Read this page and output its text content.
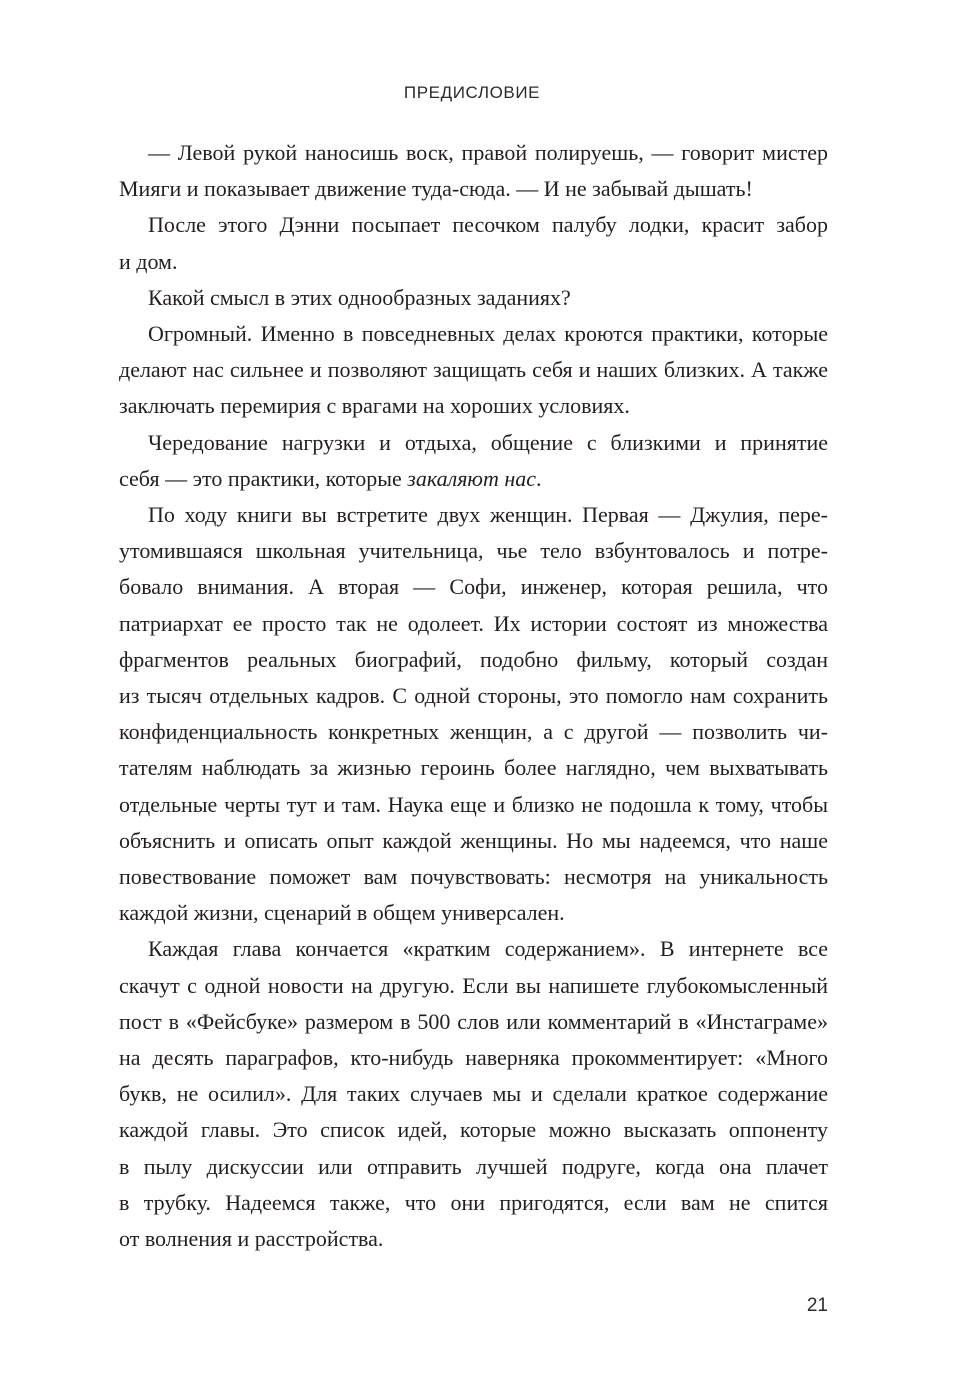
ПРЕДИСЛОВИЕ
— Левой рукой наносишь воск, правой полируешь, — говорит мистер
Мияги и показывает движение туда-сюда. — И не забывай дышать!
После этого Дэнни посыпает песочком палубу лодки, красит забор
и дом.
Какой смысл в этих однообразных заданиях?
Огромный. Именно в повседневных делах кроются практики, которые
делают нас сильнее и позволяют защищать себя и наших близких. А также
заключать перемирия с врагами на хороших условиях.
Чередование нагрузки и отдыха, общение с близкими и принятие
себя — это практики, которые закаляют нас.
По ходу книги вы встретите двух женщин. Первая — Джулия, пере-
утомившаяся школьная учительница, чье тело взбунтовалось и потре-
бовало внимания. А вторая — Софи, инженер, которая решила, что
патриархат ее просто так не одолеет. Их истории состоят из множества
фрагментов реальных биографий, подобно фильму, который создан
из тысяч отдельных кадров. С одной стороны, это помогло нам сохранить
конфиденциальность конкретных женщин, а с другой — позволить чи-
тателям наблюдать за жизнью героинь более наглядно, чем выхватывать
отдельные черты тут и там. Наука еще и близко не подошла к тому, чтобы
объяснить и описать опыт каждой женщины. Но мы надеемся, что наше
повествование поможет вам почувствовать: несмотря на уникальность
каждой жизни, сценарий в общем универсален.
Каждая глава кончается «кратким содержанием». В интернете все
скачут с одной новости на другую. Если вы напишете глубокомысленный
пост в «Фейсбуке» размером в 500 слов или комментарий в «Инстаграме»
на десять параграфов, кто-нибудь наверняка прокомментирует: «Много
букв, не осилил». Для таких случаев мы и сделали краткое содержание
каждой главы. Это список идей, которые можно высказать оппоненту
в пылу дискуссии или отправить лучшей подруге, когда она плачет
в трубку. Надеемся также, что они пригодятся, если вам не спится
от волнения и расстройства.
21
